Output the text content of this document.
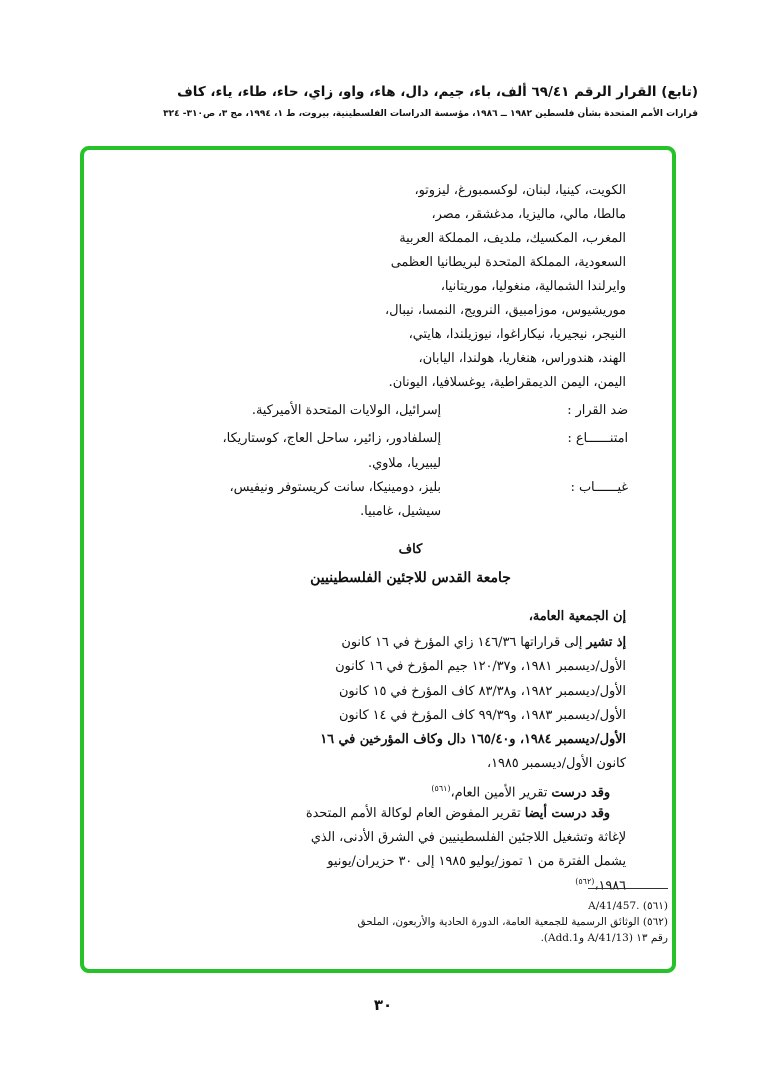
(تابع) القرار الرقم ٦٩/٤١ ألف، باء، جيم، دال، هاء، واو، زاي، حاء، طاء، ياء، كاف
قرارات الأمم المتحدة بشأن فلسطين ١٩٨٢ ــ ١٩٨٦، مؤسسة الدراسات الفلسطينية، بيروت، ط ١، ١٩٩٤، مج ٣، ص٣١٠- ٣٢٤
الكويت، كينيا، لبنان، لوكسمبورغ، ليزوتو،
مالطا، مالي، ماليزيا، مدغشقر، مصر،
المغرب، المكسيك، ملديف، المملكة العربية
السعودية، المملكة المتحدة لبريطانيا العظمى
وايرلندا الشمالية، منغوليا، موريتانيا،
موريشيوس، موزامبيق، النرويج، النمسا، نيبال،
النيجر، نيجيريا، نيكاراغوا، نيوزيلندا، هايتي،
الهند، هندوراس، هنغاريا، هولندا، اليابان،
اليمن، اليمن الديمقراطية، يوغسلافيا، اليونان.
ضد القرار :
إسرائيل، الولايات المتحدة الأميركية.
امتنــــــاع :
إلسلفادور، زائير، ساحل العاج، كوستاريكا،
ليبيريا، ملاوي.
غيــــــاب :
بليز، دومينيكا، سانت كريستوفر ونيفيس،
سيشيل، غامبيا.
كاف
جامعة القدس للاجئين الفلسطينيين
إن الجمعية العامة،
إذ تشير إلى قراراتها ١٤٦/٣٦ زاي المؤرخ في ١٦ كانون
الأول/ديسمبر ١٩٨١، و١٢٠/٣٧ جيم المؤرخ في ١٦ كانون
الأول/ديسمبر ١٩٨٢، و٨٣/٣٨ كاف المؤرخ في ١٥ كانون
الأول/ديسمبر ١٩٨٣، و٩٩/٣٩ كاف المؤرخ في ١٤ كانون
الأول/ديسمبر ١٩٨٤، و١٦٥/٤٠ دال وكاف المؤرخين في ١٦
كانون الأول/ديسمبر ١٩٨٥،
وقد درست تقرير الأمين العام،$^{(٥٦١)}$
وقد درست أيضا تقرير المفوض العام لوكالة الأمم المتحدة
لإغاثة وتشغيل اللاجئين الفلسطينيين في الشرق الأدنى، الذي
يشمل الفترة من ١ تموز/يوليو ١٩٨٥ إلى ٣٠ حزيران/يونيو
١٩٨٦،$^{(٥٦٢)}$
(٥٦١) A/41/457.
(٥٦٢) الوثائق الرسمية للجمعية العامة، الدورة الحادية والأربعون، الملحق
رقم ١٣ (A/41/13 وAdd.1).
٣٠
